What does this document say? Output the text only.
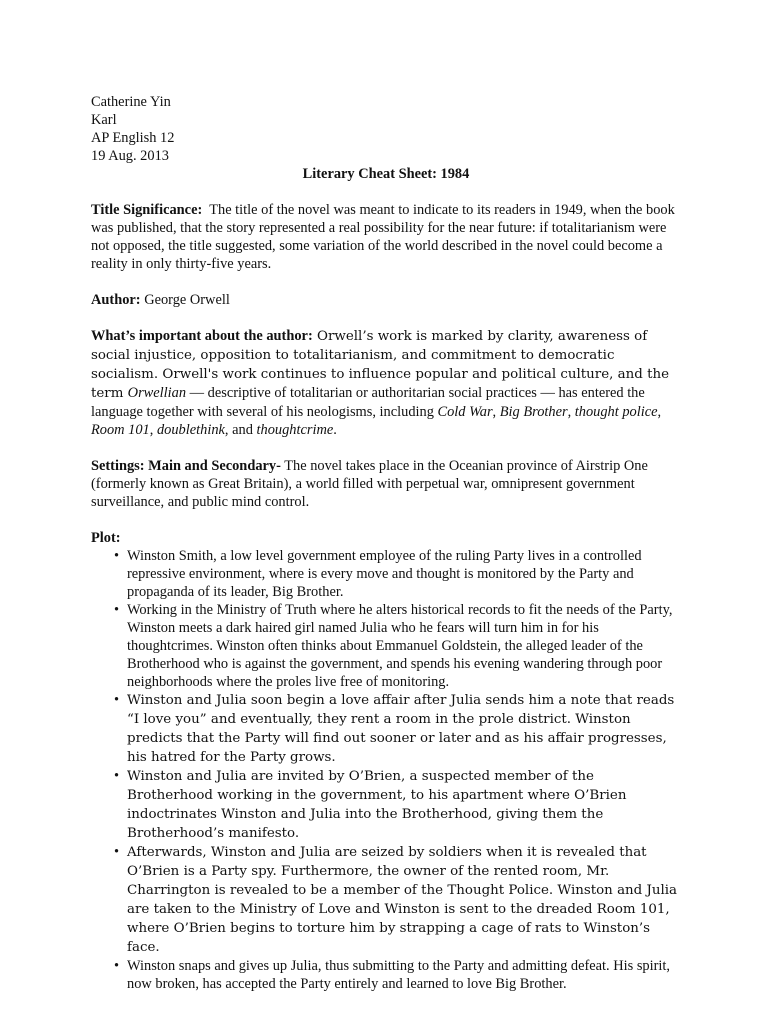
Catherine Yin
Karl
AP English 12
19 Aug. 2013

Literary Cheat Sheet: 1984

Title Significance: The title of the novel was meant to indicate to its readers in 1949, when the book was published, that the story represented a real possibility for the near future: if totalitarianism were not opposed, the title suggested, some variation of the world described in the novel could become a reality in only thirty-five years.

Author: George Orwell

What’s important about the author: Orwell’s work is marked by clarity, awareness of social injustice, opposition to totalitarianism, and commitment to democratic socialism. Orwell's work continues to influence popular and political culture, and the term Orwellian — descriptive of totalitarian or authoritarian social practices — has entered the language together with several of his neologisms, including Cold War, Big Brother, thought police, Room 101, doublethink, and thoughtcrime.

Settings: Main and Secondary- The novel takes place in the Oceanian province of Airstrip One (formerly known as Great Britain), a world filled with perpetual war, omnipresent government surveillance, and public mind control.

Plot:

• Winston Smith, a low level government employee of the ruling Party lives in a controlled repressive environment, where is every move and thought is monitored by the Party and propaganda of its leader, Big Brother.
• Working in the Ministry of Truth where he alters historical records to fit the needs of the Party, Winston meets a dark haired girl named Julia who he fears will turn him in for his thoughtcrimes. Winston often thinks about Emmanuel Goldstein, the alleged leader of the Brotherhood who is against the government, and spends his evening wandering through poor neighborhoods where the proles live free of monitoring.
• Winston and Julia soon begin a love affair after Julia sends him a note that reads “I love you” and eventually, they rent a room in the prole district. Winston predicts that the Party will find out sooner or later and as his affair progresses, his hatred for the Party grows.
• Winston and Julia are invited by O’Brien, a suspected member of the Brotherhood working in the government, to his apartment where O’Brien indoctrinates Winston and Julia into the Brotherhood, giving them the Brotherhood’s manifesto.
• Afterwards, Winston and Julia are seized by soldiers when it is revealed that O’Brien is a Party spy. Furthermore, the owner of the rented room, Mr. Charrington is revealed to be a member of the Thought Police. Winston and Julia are taken to the Ministry of Love and Winston is sent to the dreaded Room 101, where O’Brien begins to torture him by strapping a cage of rats to Winston’s face.
• Winston snaps and gives up Julia, thus submitting to the Party and admitting defeat. His spirit, now broken, has accepted the Party entirely and learned to love Big Brother.
